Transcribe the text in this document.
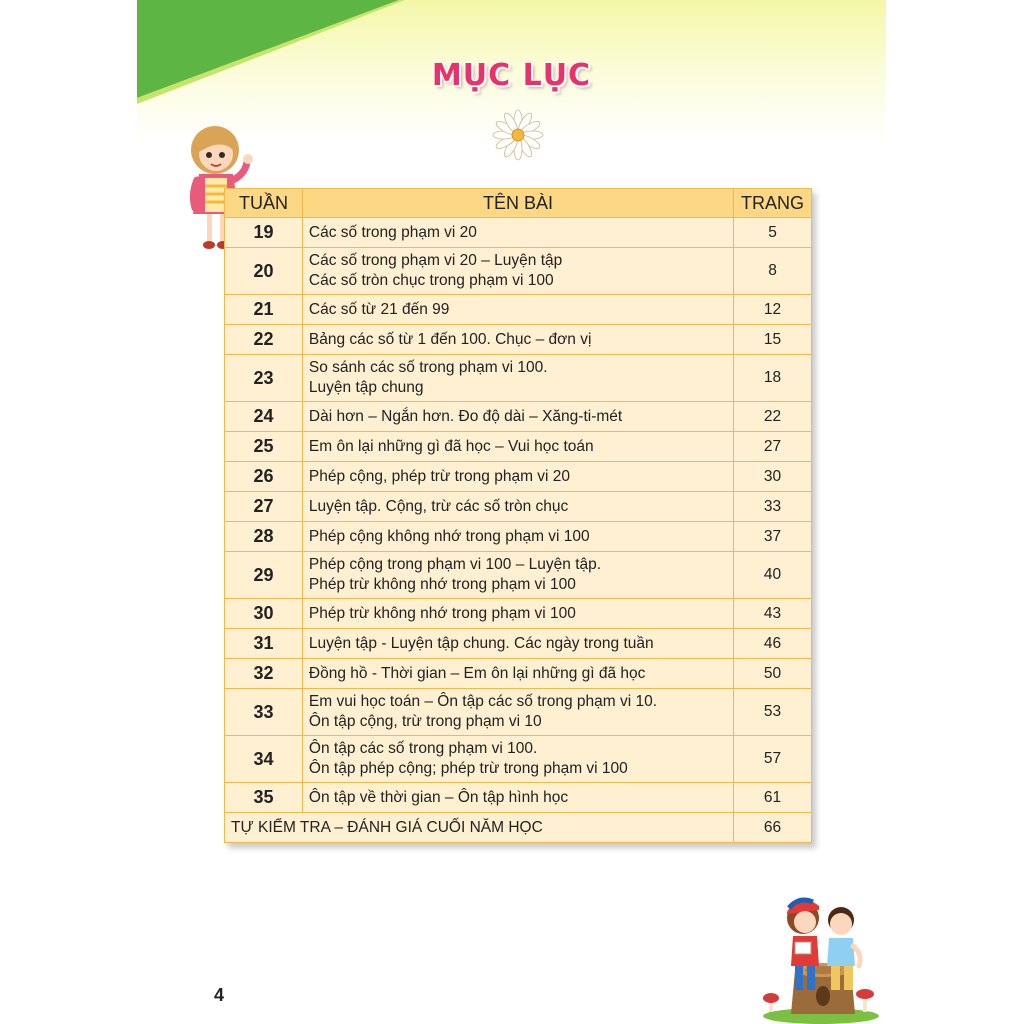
MỤC LỤC
TUẦN	TÊN BÀI	TRANG
19	Các số trong phạm vi 20	5
20	Các số trong phạm vi 20 – Luyện tập
Các số tròn chục trong phạm vi 100	8
21	Các số từ 21 đến 99	12
22	Bảng các số từ 1 đến 100. Chục – đơn vị	15
23	So sánh các số trong phạm vi 100.
Luyện tập chung	18
24	Dài hơn – Ngắn hơn. Đo độ dài – Xăng-ti-mét	22
25	Em ôn lại những gì đã học – Vui học toán	27
26	Phép cộng, phép trừ trong phạm vi 20	30
27	Luyện tập. Cộng, trừ các số tròn chục	33
28	Phép cộng không nhớ trong phạm vi 100	37
29	Phép cộng trong phạm vi 100 – Luyện tập.
Phép trừ không nhớ trong phạm vi 100	40
30	Phép trừ không nhớ trong phạm vi 100	43
31	Luyện tập - Luyện tập chung. Các ngày trong tuần	46
32	Đồng hồ - Thời gian – Em ôn lại những gì đã học	50
33	Em vui học toán – Ôn tập các số trong phạm vi 10.
Ôn tập cộng, trừ trong phạm vi 10	53
34	Ôn tập các số trong phạm vi 100.
Ôn tập phép cộng; phép trừ trong phạm vi 100	57
35	Ôn tập về thời gian – Ôn tập hình học	61
TỰ KIỂM TRA – ĐÁNH GIÁ CUỐI NĂM HỌC		66
4
